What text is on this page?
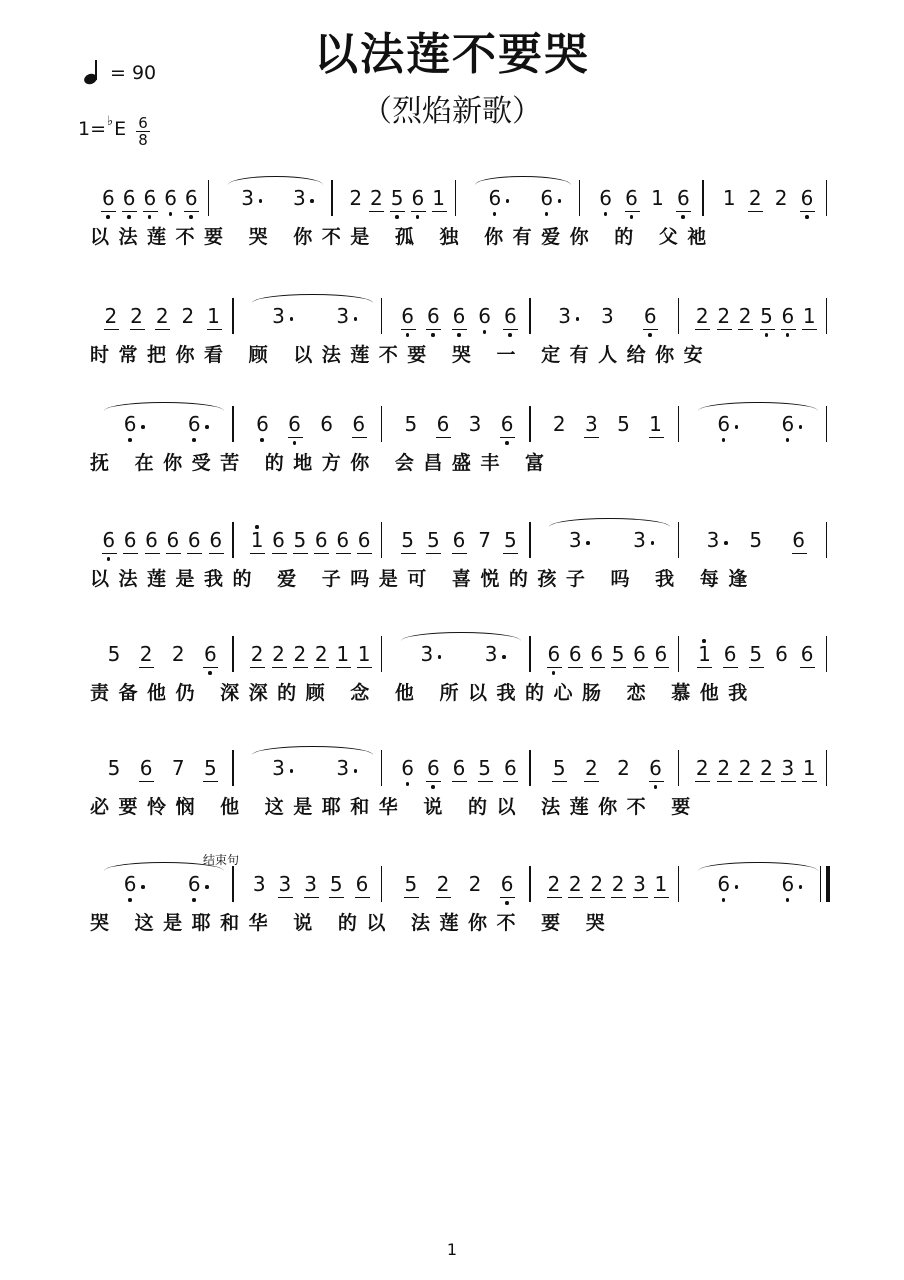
以法莲不要哭
（烈焰新歌）
= 90
1=♭E 6
8
6 6 6 6 6 3 3 2 2 5 6 1 6 6 6 6 1 6 1 2 2 6
以法莲不要 哭 你不是 孤 独 你有爱你 的 父祂
2 2 2 2 1	3	3	6 6 6 6 6 3 3 6 2 2 2 5 6 1
时常把你看 顾 以法莲不要 哭 一 定有人给你安
6	6	6 6 6 6 5 6 3 6 2 3 5 1	6	6
抚 在你受苦 的地方你 会昌盛丰 富
6 6 6 6 6 6 1 6 5 6 6 6 5 5 6 7 5	3	3	3 5 6
以法莲是我的 爱 子吗是可 喜悦的孩子 吗 我 每逢
5 2 2 6 2 2 2 2 1 1	3	3	6 6 6 5 6 6 1 6 5 6 6
责备他仍 深深的顾 念 他 所以我的心肠 恋 慕他我
5 6 7 5	3	3	6 6 6 5 6 5 2 2 6 2 2 2 2 3 1
必要怜悯 他 这是耶和华 说 的以 法莲你不 要
6	6	3 3 3 5 6 5 2 2 6 2 2 2 2 3 1	6	6
哭 这是耶和华 说 的以 法莲你不 要 哭
结束句
1
